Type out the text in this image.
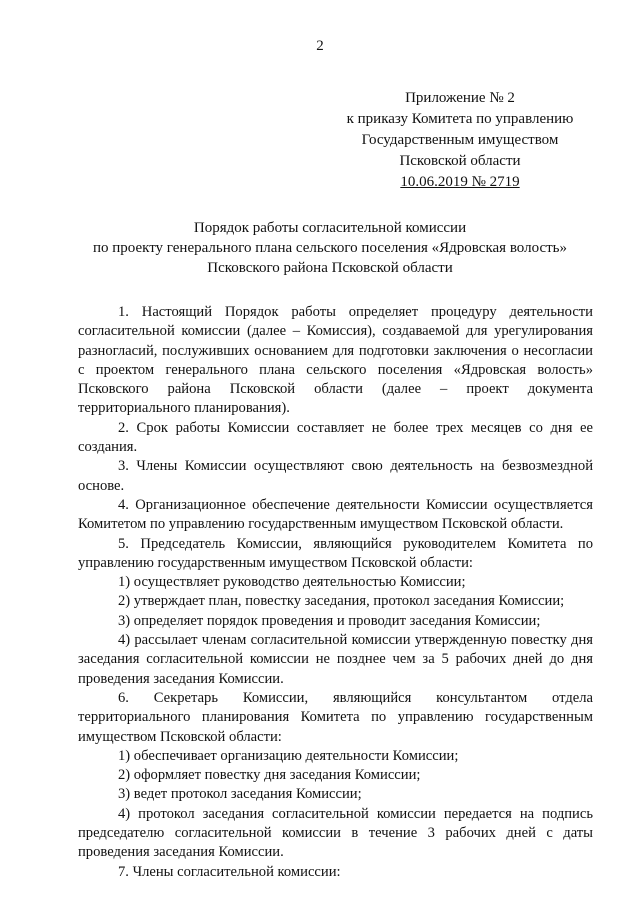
2
Приложение № 2
к приказу Комитета по управлению
Государственным имуществом
Псковской области
10.06.2019 № 2719
Порядок работы согласительной комиссии
по проекту генерального плана сельского поселения «Ядровская волость»
Псковского района Псковской области

1. Настоящий Порядок работы определяет процедуру деятельности согласительной комиссии (далее – Комиссия), создаваемой для урегулирования разногласий, послуживших основанием для подготовки заключения о несогласии с проектом генерального плана сельского поселения «Ядровская волость» Псковского района Псковской области (далее – проект документа территориального планирования).

2. Срок работы Комиссии составляет не более трех месяцев со дня ее создания.

3. Члены Комиссии осуществляют свою деятельность на безвозмездной основе.

4. Организационное обеспечение деятельности Комиссии осуществляется Комитетом по управлению государственным имуществом Псковской области.

5. Председатель Комиссии, являющийся руководителем Комитета по управлению государственным имуществом Псковской области:

1) осуществляет руководство деятельностью Комиссии;

2) утверждает план, повестку заседания, протокол заседания Комиссии;

3) определяет порядок проведения и проводит заседания Комиссии;

4) рассылает членам согласительной комиссии утвержденную повестку дня заседания согласительной комиссии не позднее чем за 5 рабочих дней до дня проведения заседания Комиссии.

6. Секретарь Комиссии, являющийся консультантом отдела территориального планирования Комитета по управлению государственным имуществом Псковской области:

1) обеспечивает организацию деятельности Комиссии;

2) оформляет повестку дня заседания Комиссии;

3) ведет протокол заседания Комиссии;

4) протокол заседания согласительной комиссии передается на подпись председателю согласительной комиссии в течение 3 рабочих дней с даты проведения заседания Комиссии.

7. Члены согласительной комиссии:
